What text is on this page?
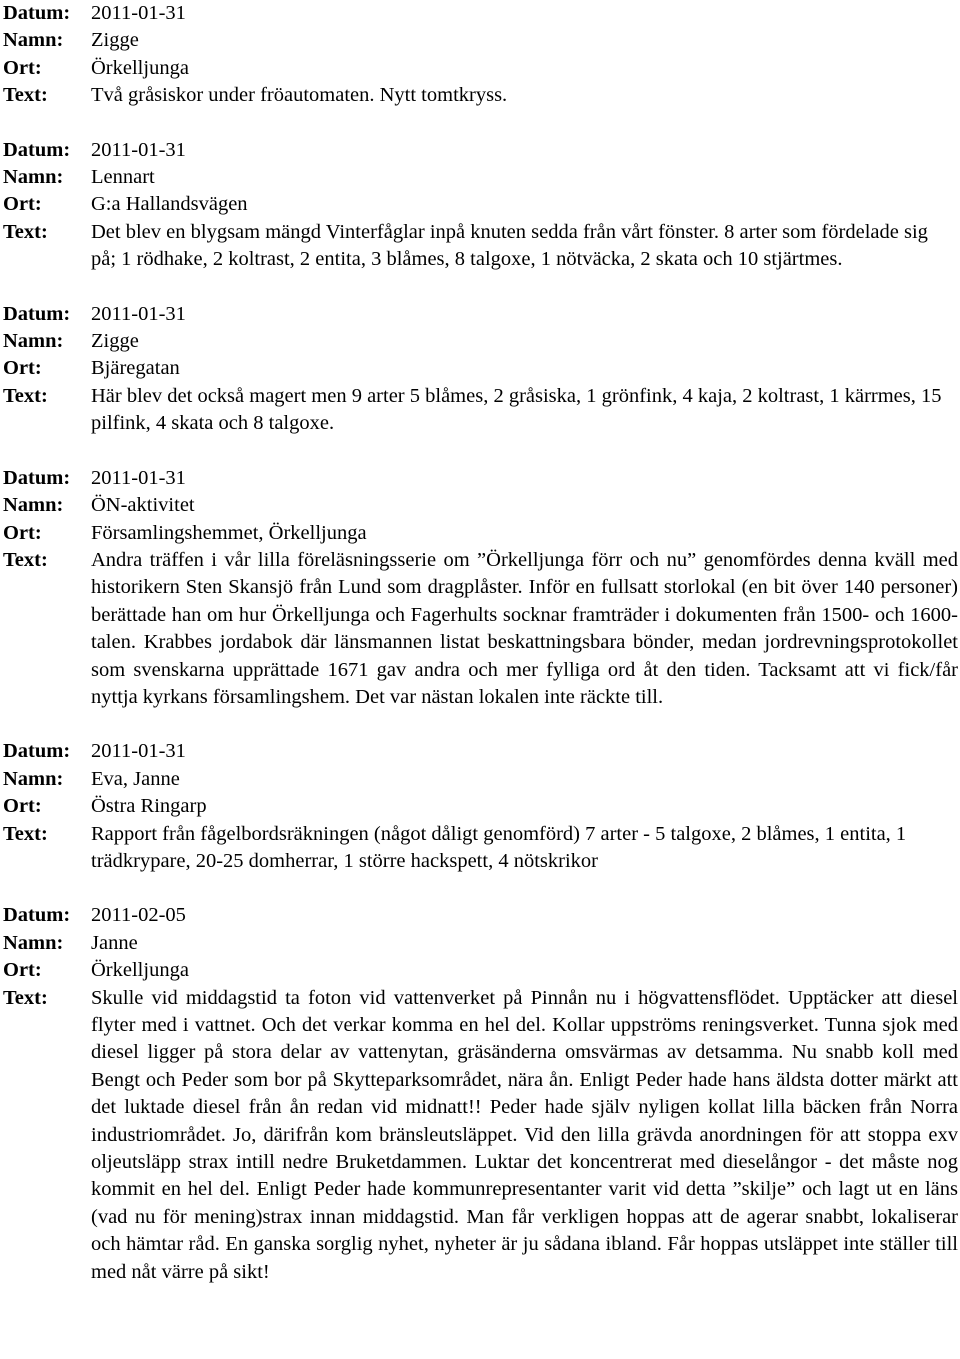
Datum:	2011-01-31
Namn:	Zigge
Ort:	Örkelljunga
Text:	Två gråsiskor under fröautomaten. Nytt tomtkryss.
Datum:	2011-01-31
Namn:	Lennart
Ort:	G:a Hallandsvägen
Text:	Det blev en blygsam mängd Vinterfåglar inpå knuten sedda från vårt fönster. 8 arter som fördelade sig på; 1 rödhake, 2 koltrast, 2 entita, 3 blåmes, 8 talgoxe, 1 nötväcka, 2 skata och 10 stjärtmes.
Datum:	2011-01-31
Namn:	Zigge
Ort:	Bjäregatan
Text:	Här blev det också magert men 9 arter 5 blåmes, 2 gråsiska, 1 grönfink, 4 kaja, 2 koltrast, 1 kärrmes, 15 pilfink, 4 skata och 8 talgoxe.
Datum:	2011-01-31
Namn:	ÖN-aktivitet
Ort:	Församlingshemmet, Örkelljunga
Text:	Andra träffen i vår lilla föreläsningsserie om ”Örkelljunga förr och nu” genomfördes denna kväll med historikern Sten Skansjö från Lund som dragplåster. Inför en fullsatt storlokal (en bit över 140 personer) berättade han om hur Örkelljunga och Fagerhults socknar framträder i dokumenten från 1500- och 1600-talen. Krabbes jordabok där länsmannen listat beskattningsbara bönder, medan jordrevningsprotokollet som svenskarna upprättade 1671 gav andra och mer fylliga ord åt den tiden. Tacksamt att vi fick/får nyttja kyrkans församlingshem. Det var nästan lokalen inte räckte till.
Datum:	2011-01-31
Namn:	Eva, Janne
Ort:	Östra Ringarp
Text:	Rapport från fågelbordsräkningen (något dåligt genomförd) 7 arter - 5 talgoxe, 2 blåmes, 1 entita, 1 trädkrypare, 20-25 domherrar, 1 större hackspett, 4 nötskrikor
Datum:	2011-02-05
Namn:	Janne
Ort:	Örkelljunga
Text:	Skulle vid middagstid ta foton vid vattenverket på Pinnån nu i högvattensflödet. Upptäcker att diesel flyter med i vattnet. Och det verkar komma en hel del. Kollar uppströms reningsverket. Tunna sjok med diesel ligger på stora delar av vattenytan, gräsänderna omsvärmas av detsamma. Nu snabb koll med Bengt och Peder som bor på Skytteparksområdet, nära ån. Enligt Peder hade hans äldsta dotter märkt att det luktade diesel från ån redan vid midnatt!! Peder hade själv nyligen kollat lilla bäcken från Norra industriområdet. Jo, därifrån kom bränsleutsläppet. Vid den lilla grävda anordningen för att stoppa exv oljeutsläpp strax intill nedre Bruketdammen. Luktar det koncentrerat med dieselångor - det måste nog kommit en hel del. Enligt Peder hade kommunrepresentanter varit vid detta ”skilje” och lagt ut en läns (vad nu för mening)strax innan middagstid. Man får verkligen hoppas att de agerar snabbt, lokaliserar och hämtar råd. En ganska sorglig nyhet, nyheter är ju sådana ibland. Får hoppas utsläppet inte ställer till med nåt värre på sikt!
